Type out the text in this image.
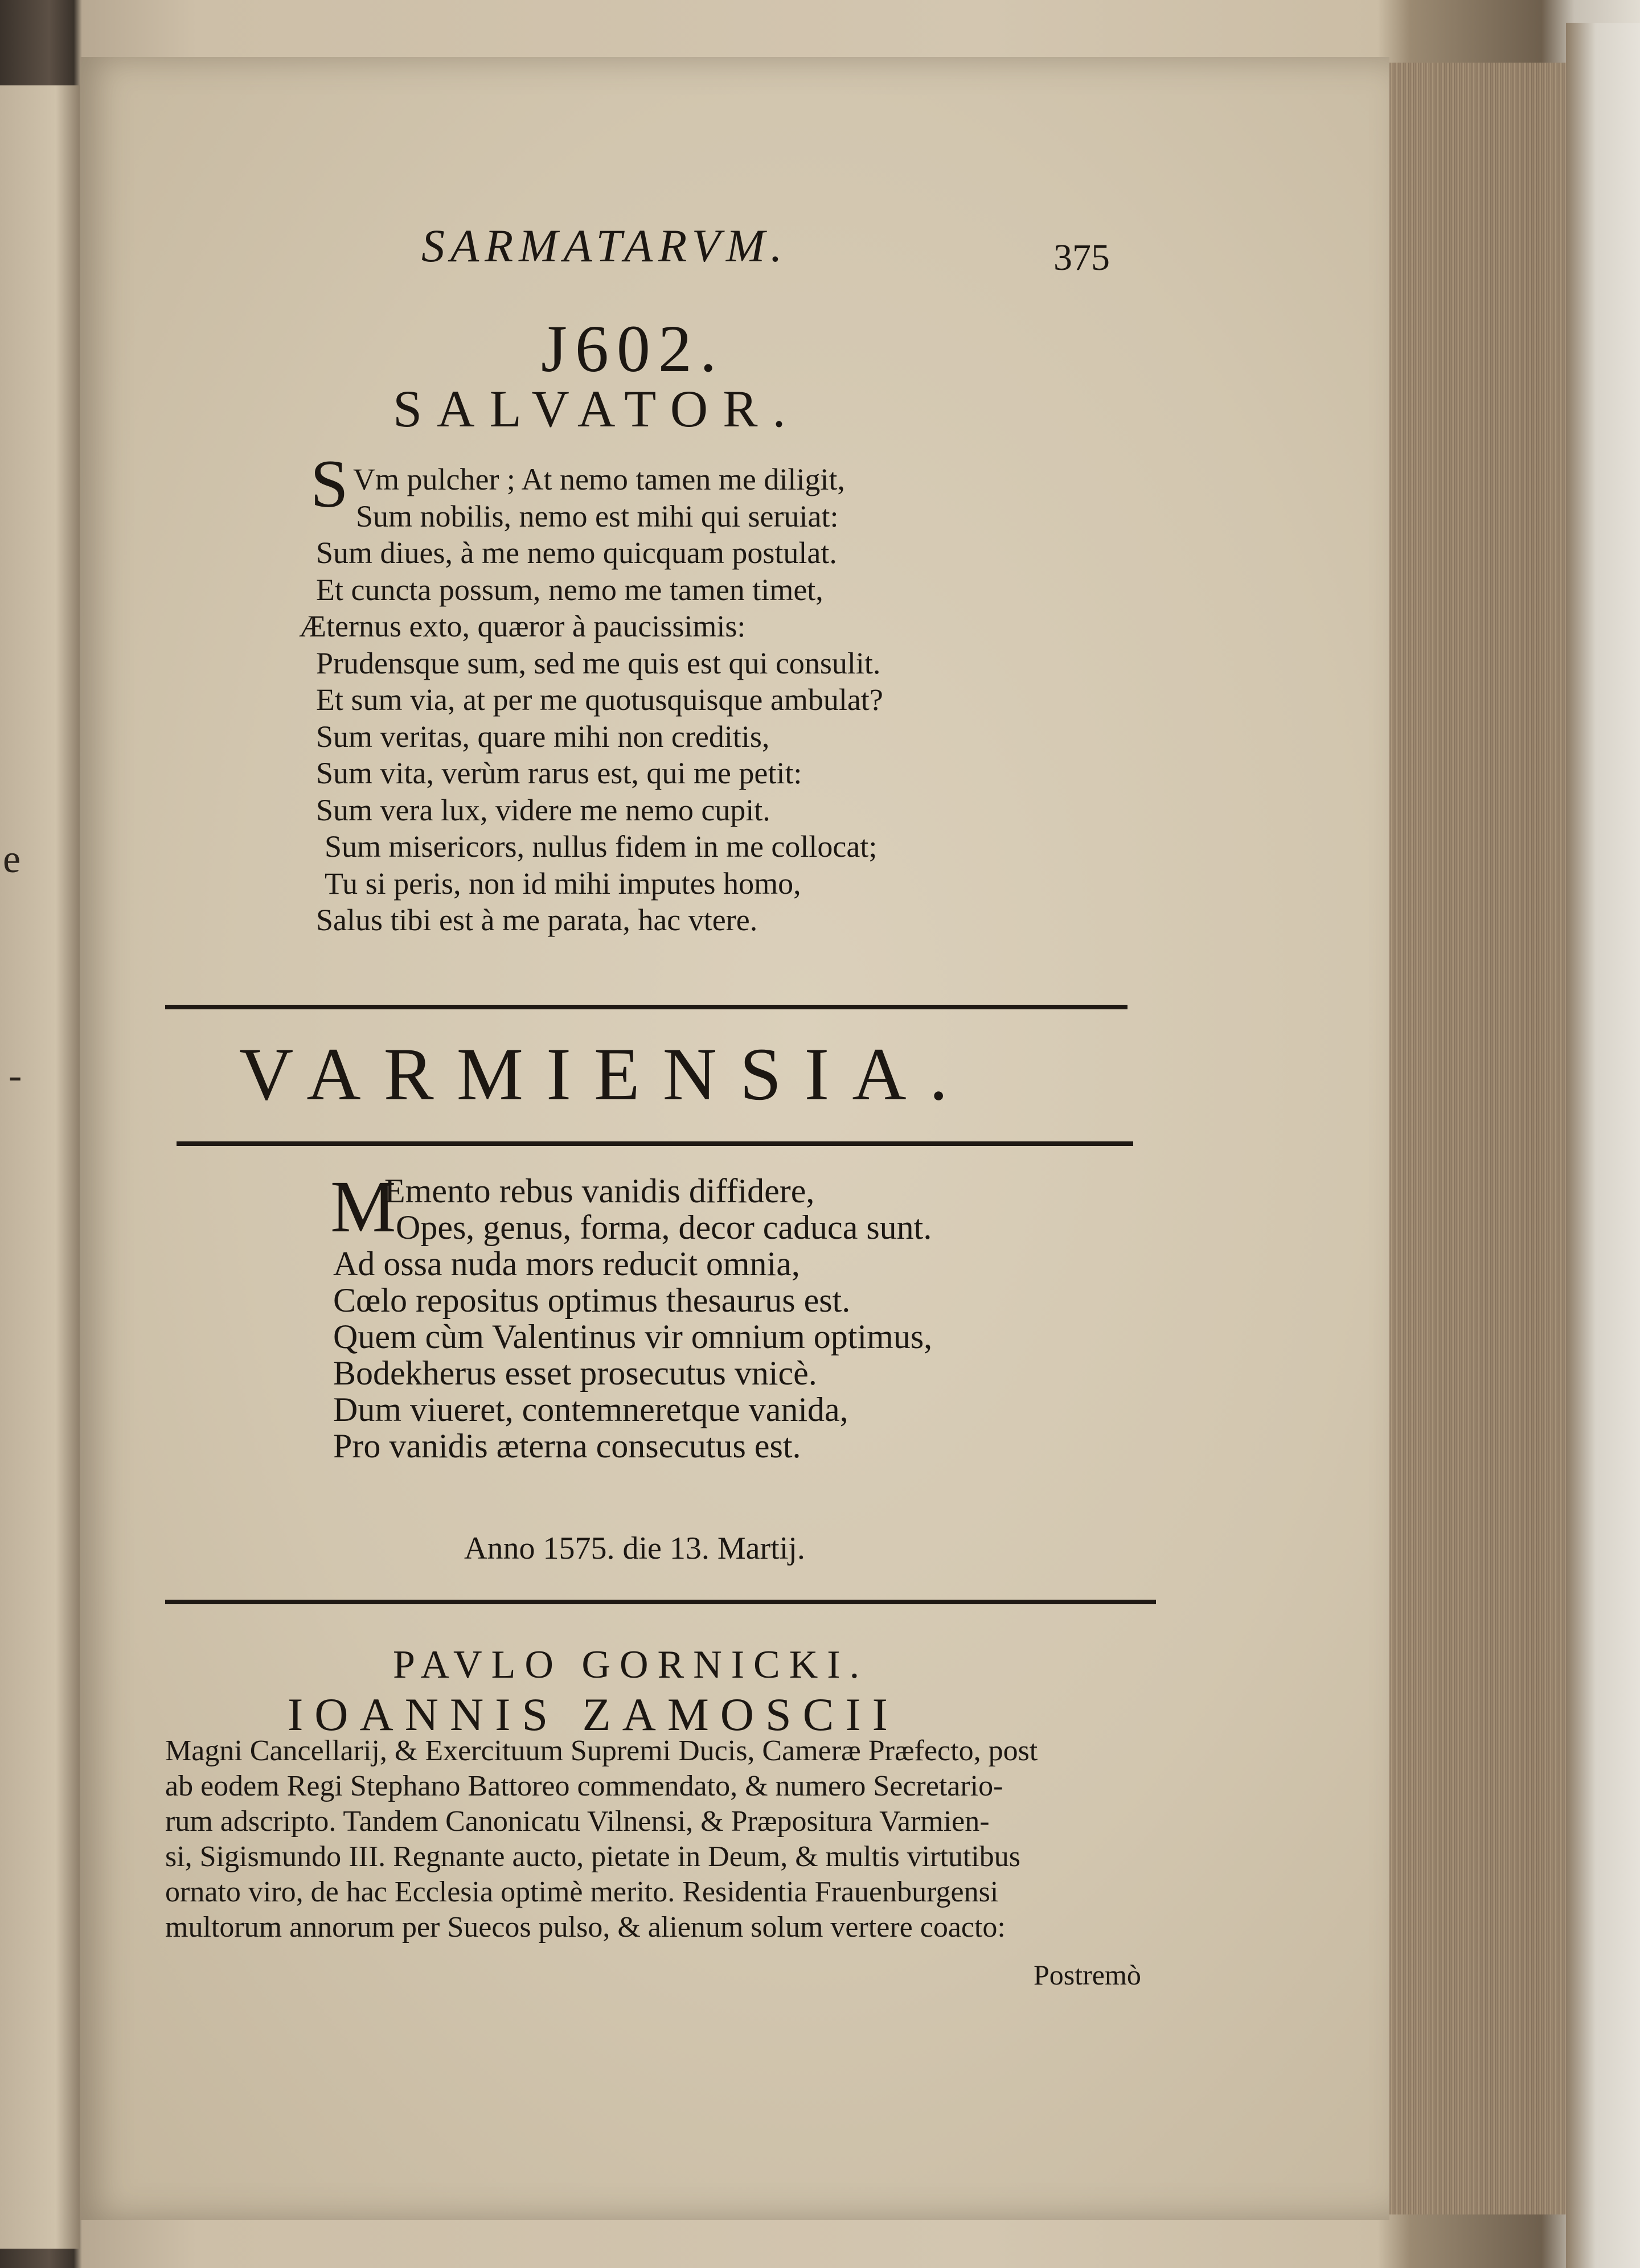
e
-
SARMATARVM.	375
J602.
SALVATOR.
S Vm pulcher ; At nemo tamen me diligit,
Sum nobilis, nemo est mihi qui seruiat:
Sum diues, à me nemo quicquam postulat.
Et cuncta possum, nemo me tamen timet,
Æternus exto, quæror à paucissimis:
Prudensque sum, sed me quis est qui consulit.
Et sum via, at per me quotusquisque ambulat?
Sum veritas, quare mihi non creditis,
Sum vita, verùm rarus est, qui me petit:
Sum vera lux, videre me nemo cupit.
Sum misericors, nullus fidem in me collocat;
Tu si peris, non id mihi imputes homo,
Salus tibi est à me parata, hac vtere.
VARMIENSIA.
M
Emento rebus vanidis diffidere,
Opes, genus, forma, decor caduca sunt.
Ad ossa nuda mors reducit omnia,
Cœlo repositus optimus thesaurus est.
Quem cùm Valentinus vir omnium optimus,
Bodekherus esset prosecutus vnicè.
Dum viueret, contemneretque vanida,
Pro vanidis æterna consecutus est.
Anno 1575. die 13. Martij.
PAVLO GORNICKI.
IOANNIS ZAMOSCII
Magni Cancellarij, & Exercituum Supremi Ducis, Cameræ Præfecto, post
ab eodem Regi Stephano Battoreo commendato, & numero Secretario-
rum adscripto. Tandem Canonicatu Vilnensi, & Præpositura Varmien-
si, Sigismundo III. Regnante aucto, pietate in Deum, & multis virtutibus
ornato viro, de hac Ecclesia optimè merito. Residentia Frauenburgensi
multorum annorum per Suecos pulso, & alienum solum vertere coacto:
Postremò
